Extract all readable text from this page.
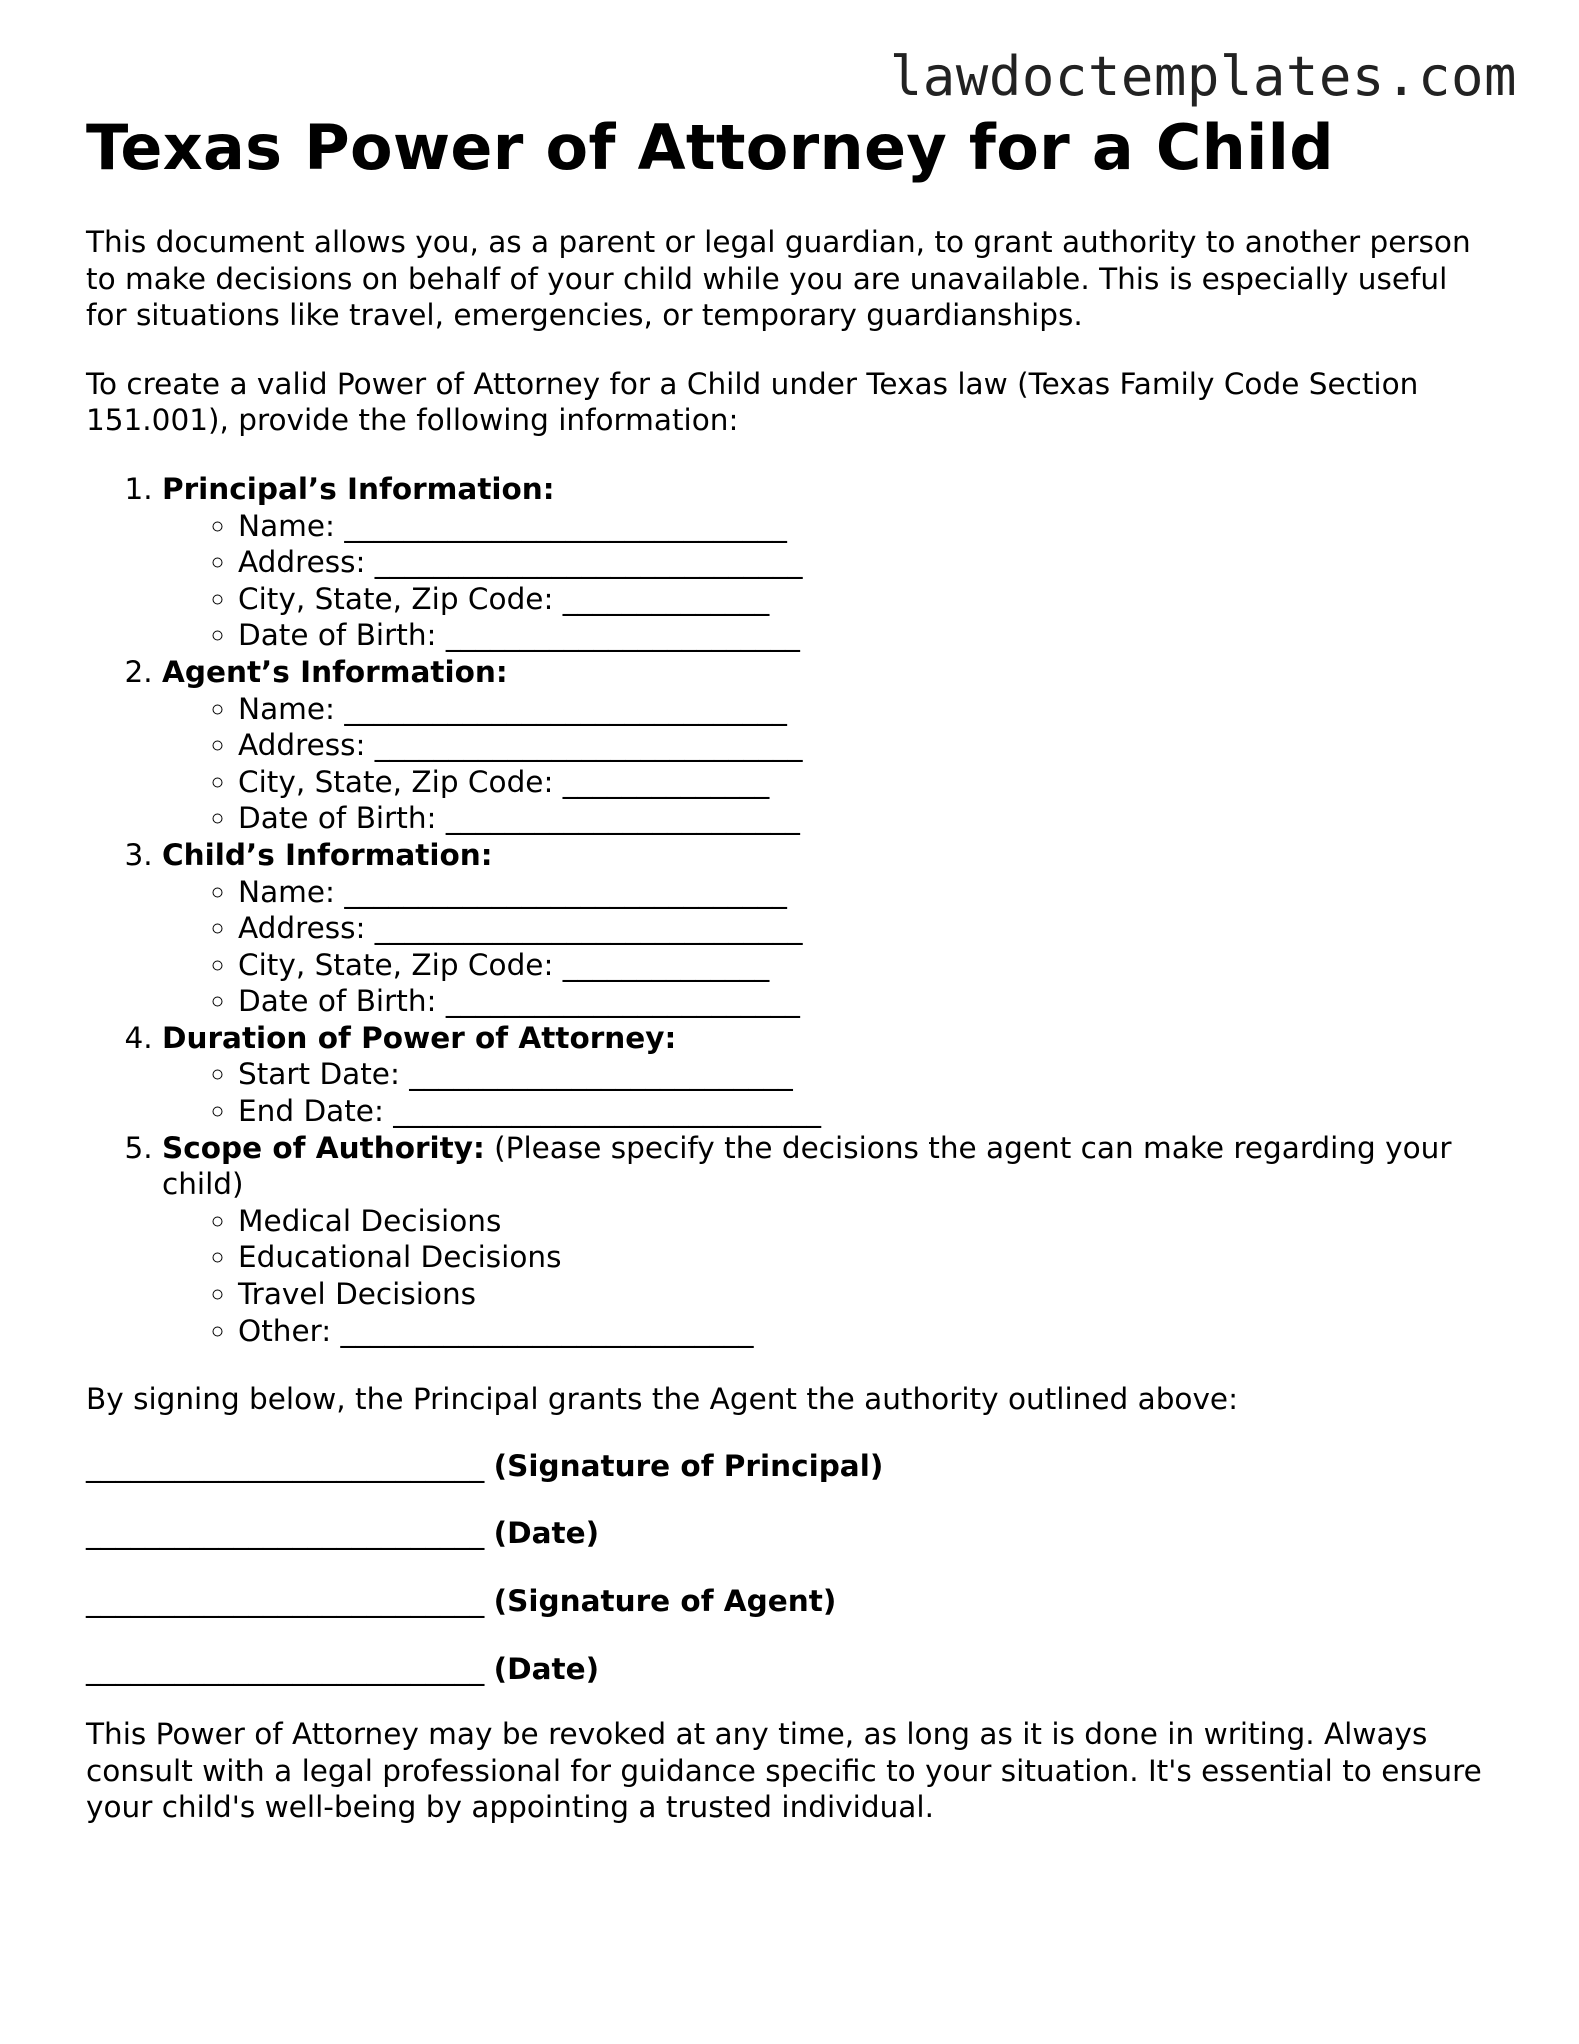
lawdoctemplates.com
Texas Power of Attorney for a Child

This document allows you, as a parent or legal guardian, to grant authority to another person to make decisions on behalf of your child while you are unavailable. This is especially useful for situations like travel, emergencies, or temporary guardianships.

To create a valid Power of Attorney for a Child under Texas law (Texas Family Code Section 151.001), provide the following information:

1. Principal’s Information:
◦ Name: ______________________________
◦ Address: _____________________________
◦ City, State, Zip Code: ______________
◦ Date of Birth: ________________________
2. Agent’s Information:
◦ Name: ______________________________
◦ Address: _____________________________
◦ City, State, Zip Code: ______________
◦ Date of Birth: ________________________
3. Child’s Information:
◦ Name: ______________________________
◦ Address: _____________________________
◦ City, State, Zip Code: ______________
◦ Date of Birth: ________________________
4. Duration of Power of Attorney:
◦ Start Date: __________________________
◦ End Date: _____________________________
5. Scope of Authority: (Please specify the decisions the agent can make regarding your child)
◦ Medical Decisions
◦ Educational Decisions
◦ Travel Decisions
◦ Other: ____________________________

By signing below, the Principal grants the Agent the authority outlined above:

___________________________ (Signature of Principal)
___________________________ (Date)
___________________________ (Signature of Agent)
___________________________ (Date)

This Power of Attorney may be revoked at any time, as long as it is done in writing. Always consult with a legal professional for guidance specific to your situation. It's essential to ensure your child's well-being by appointing a trusted individual.
